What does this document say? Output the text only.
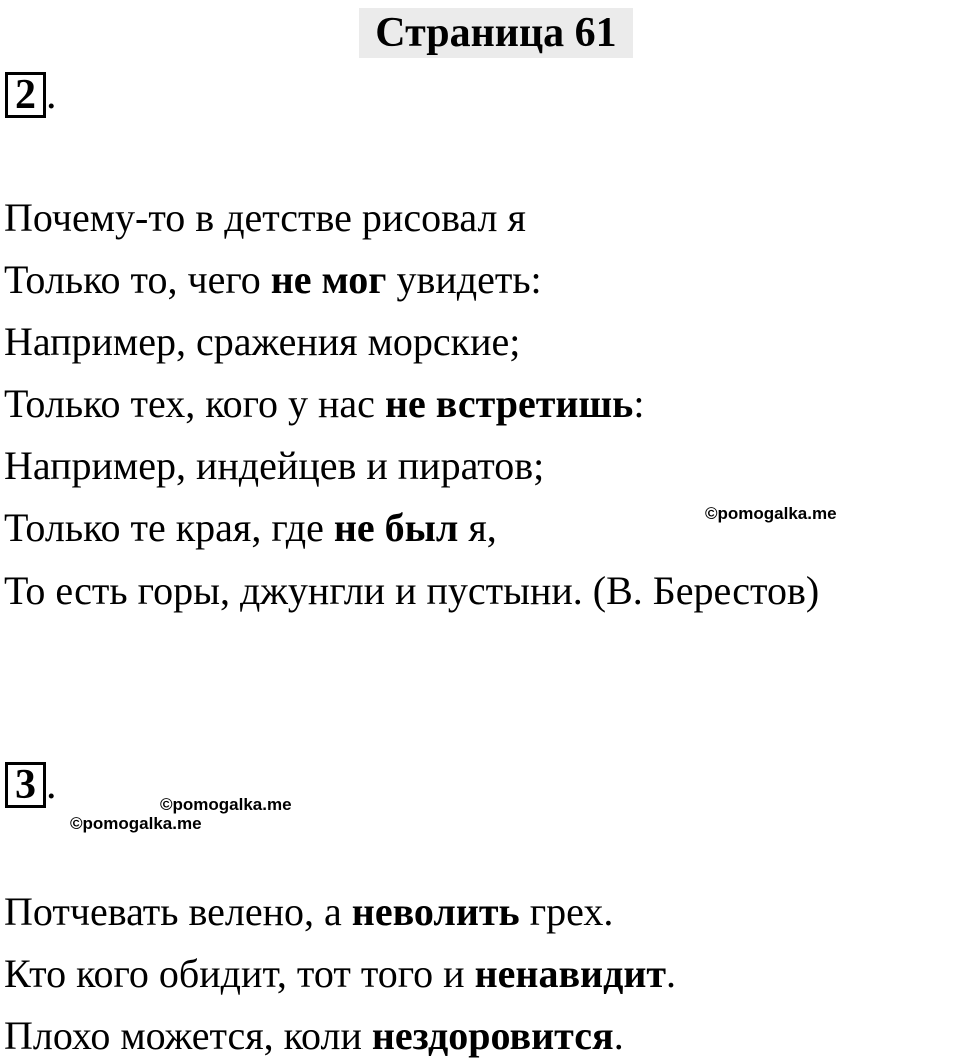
Страница 61
2 .
Почему-то в детстве рисовал я
Только то, чего не мог увидеть:
Например, сражения морские;
Только тех, кого у нас не встретишь:
Например, индейцев и пиратов;
Только те края, где не был я,
То есть горы, джунгли и пустыни. (В. Берестов)
©pomogalka.me
3 .	©pomogalka.me
©pomogalka.me
Потчевать велено, а неволить грех.
Кто кого обидит, тот того и ненавидит.
Плохо можется, коли нездоровится.
